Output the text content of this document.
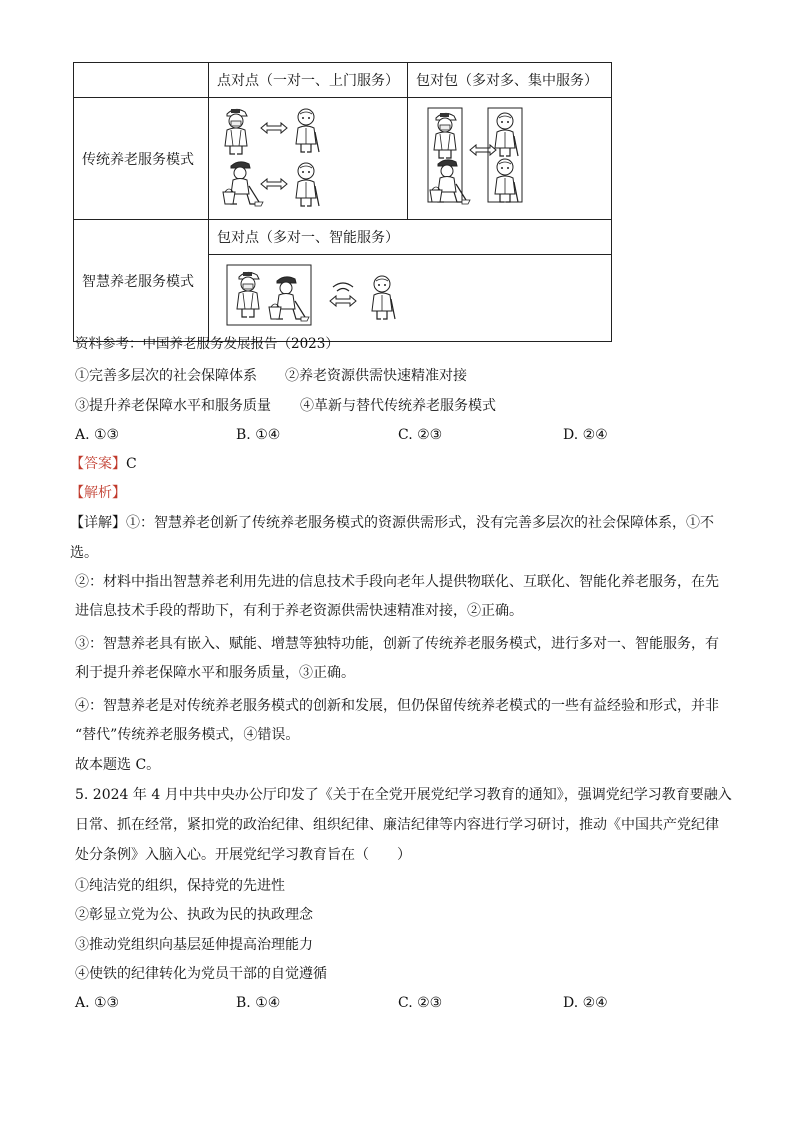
	点对点（一对一、上门服务）	包对包（多对多、集中服务）
传统养老服务模式		
智慧养老服务模式	包对点（多对一、智能服务）	

资料参考：中国养老服务发展报告（2023）
①完善多层次的社会保障体系 ②养老资源供需快速精准对接
③提升养老保障水平和服务质量 ④革新与替代传统养老服务模式
A. ①③	B. ①④	C. ②③	D. ②④
【答案】C
【解析】
【详解】①：智慧养老创新了传统养老服务模式的资源供需形式，没有完善多层次的社会保障体系，①不
选。
②：材料中指出智慧养老利用先进的信息技术手段向老年人提供物联化、互联化、智能化养老服务，在先
进信息技术手段的帮助下，有利于养老资源供需快速精准对接，②正确。
③：智慧养老具有嵌入、赋能、增慧等独特功能，创新了传统养老服务模式，进行多对一、智能服务，有
利于提升养老保障水平和服务质量，③正确。
④：智慧养老是对传统养老服务模式的创新和发展，但仍保留传统养老模式的一些有益经验和形式，并非
“替代”传统养老服务模式，④错误。
故本题选 C。
5. 2024 年 4 月中共中央办公厅印发了《关于在全党开展党纪学习教育的通知》，强调党纪学习教育要融入
日常、抓在经常，紧扣党的政治纪律、组织纪律、廉洁纪律等内容进行学习研讨，推动《中国共产党纪律
处分条例》入脑入心。开展党纪学习教育旨在（　　）
①纯洁党的组织，保持党的先进性
②彰显立党为公、执政为民的执政理念
③推动党组织向基层延伸提高治理能力
④使铁的纪律转化为党员干部的自觉遵循
A. ①③	B. ①④	C. ②③	D. ②④
